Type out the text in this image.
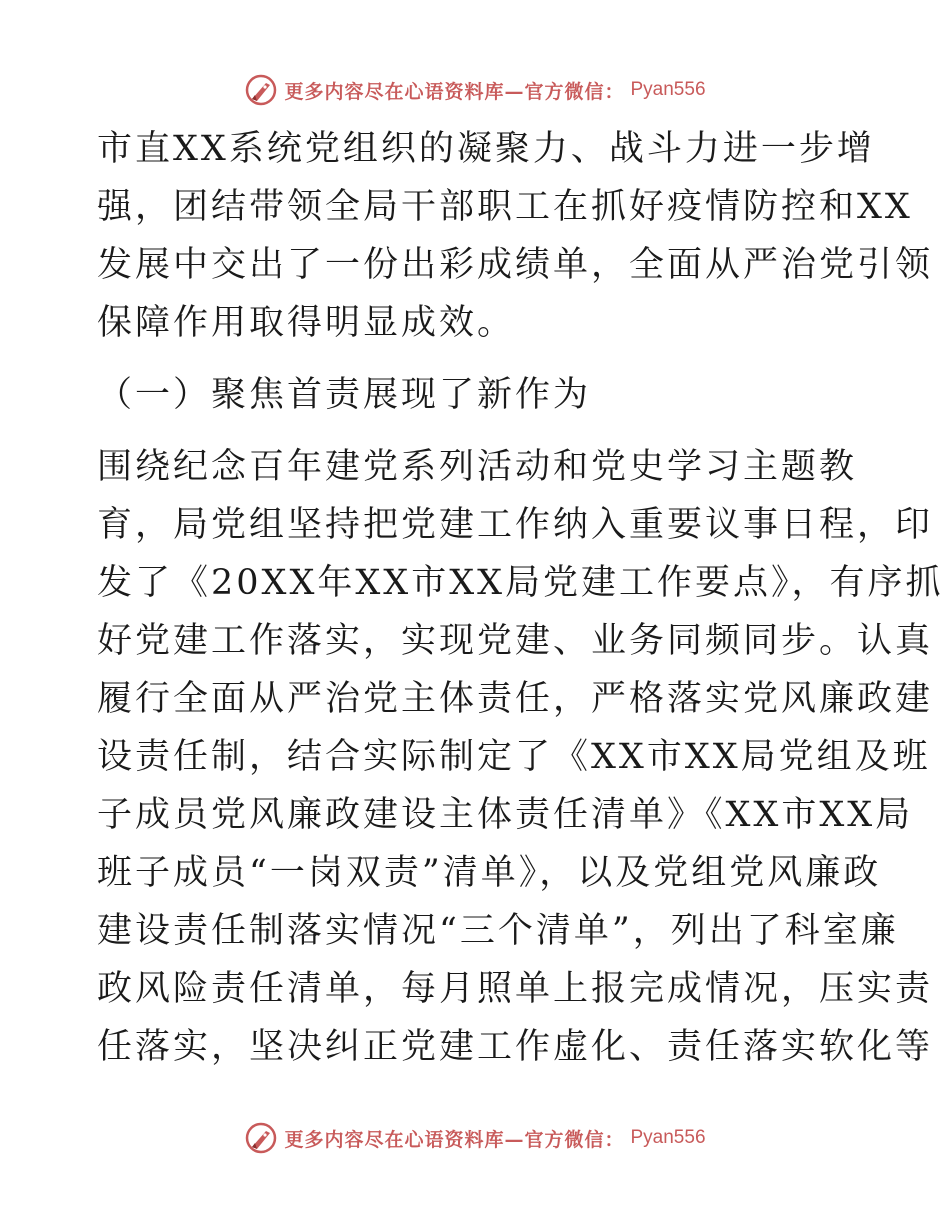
更多内容尽在心语资料库—官方微信： Pyan556
市直XX系统党组织的凝聚力、战斗力进一步增
强，团结带领全局干部职工在抓好疫情防控和XX
发展中交出了一份出彩成绩单，全面从严治党引领
保障作用取得明显成效。
（一）聚焦首责展现了新作为
围绕纪念百年建党系列活动和党史学习主题教
育，局党组坚持把党建工作纳入重要议事日程，印
发了《20XX年XX市XX局党建工作要点》，有序抓
好党建工作落实，实现党建、业务同频同步。认真
履行全面从严治党主体责任，严格落实党风廉政建
设责任制，结合实际制定了《XX市XX局党组及班
子成员党风廉政建设主体责任清单》《XX市XX局
班子成员“一岗双责”清单》，以及党组党风廉政
建设责任制落实情况“三个清单”，列出了科室廉
政风险责任清单，每月照单上报完成情况，压实责
任落实，坚决纠正党建工作虚化、责任落实软化等
更多内容尽在心语资料库—官方微信： Pyan556
